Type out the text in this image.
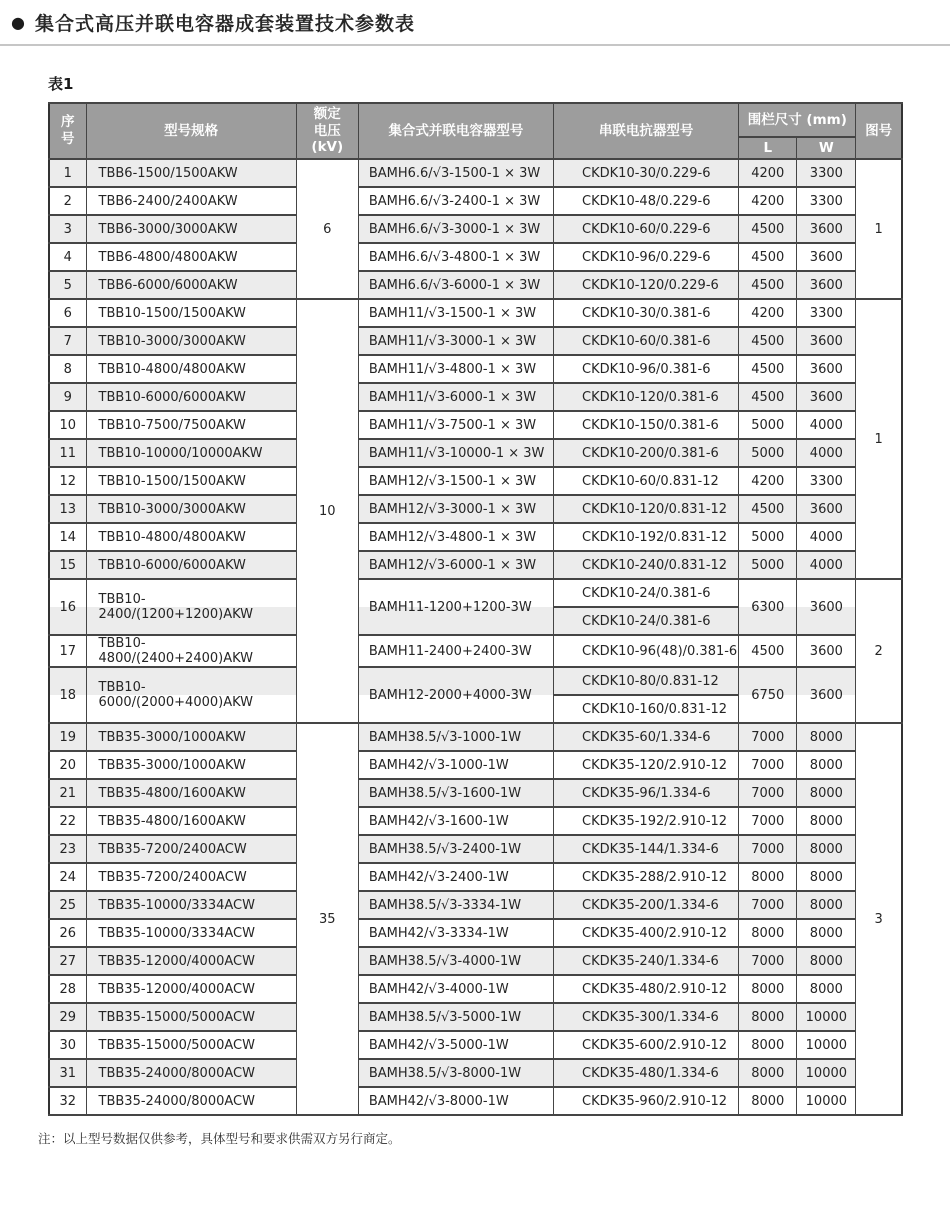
● 集合式高压并联电容器成套装置技术参数表
表1
序号	型号规格	额定电压(kV)	集合式并联电容器型号	串联电抗器型号	围栏尺寸 (mm)		图号
					L	W	
1	TBB6-1500/1500AKW	6	BAMH6.6/√3-1500-1 × 3W	CKDK10-30/0.229-6	4200	3300	1
2	TBB6-2400/2400AKW		BAMH6.6/√3-2400-1 × 3W	CKDK10-48/0.229-6	4200	3300	
3	TBB6-3000/3000AKW		BAMH6.6/√3-3000-1 × 3W	CKDK10-60/0.229-6	4500	3600	
4	TBB6-4800/4800AKW		BAMH6.6/√3-4800-1 × 3W	CKDK10-96/0.229-6	4500	3600	
5	TBB6-6000/6000AKW		BAMH6.6/√3-6000-1 × 3W	CKDK10-120/0.229-6	4500	3600	
6	TBB10-1500/1500AKW	10	BAMH11/√3-1500-1 × 3W	CKDK10-30/0.381-6	4200	3300	1
7	TBB10-3000/3000AKW		BAMH11/√3-3000-1 × 3W	CKDK10-60/0.381-6	4500	3600	
8	TBB10-4800/4800AKW		BAMH11/√3-4800-1 × 3W	CKDK10-96/0.381-6	4500	3600	
9	TBB10-6000/6000AKW		BAMH11/√3-6000-1 × 3W	CKDK10-120/0.381-6	4500	3600	
10	TBB10-7500/7500AKW		BAMH11/√3-7500-1 × 3W	CKDK10-150/0.381-6	5000	4000	
11	TBB10-10000/10000AKW		BAMH11/√3-10000-1 × 3W	CKDK10-200/0.381-6	5000	4000	
12	TBB10-1500/1500AKW		BAMH12/√3-1500-1 × 3W	CKDK10-60/0.831-12	4200	3300	
13	TBB10-3000/3000AKW		BAMH12/√3-3000-1 × 3W	CKDK10-120/0.831-12	4500	3600	
14	TBB10-4800/4800AKW		BAMH12/√3-4800-1 × 3W	CKDK10-192/0.831-12	5000	4000	
15	TBB10-6000/6000AKW		BAMH12/√3-6000-1 × 3W	CKDK10-240/0.831-12	5000	4000	
16	TBB10-2400/(1200+1200)AKW		BAMH11-1200+1200-3W	CKDK10-24/0.381-6	6300	3600	2
				CKDK10-24/0.381-6			
17	TBB10-4800/(2400+2400)AKW		BAMH11-2400+2400-3W	CKDK10-96(48)/0.381-6	4500	3600	
18	TBB10-6000/(2000+4000)AKW		BAMH12-2000+4000-3W	CKDK10-80/0.831-12	6750	3600	
				CKDK10-160/0.831-12			
19	TBB35-3000/1000AKW	35	BAMH38.5/√3-1000-1W	CKDK35-60/1.334-6	7000	8000	3
20	TBB35-3000/1000AKW		BAMH42/√3-1000-1W	CKDK35-120/2.910-12	7000	8000	
21	TBB35-4800/1600AKW		BAMH38.5/√3-1600-1W	CKDK35-96/1.334-6	7000	8000	
22	TBB35-4800/1600AKW		BAMH42/√3-1600-1W	CKDK35-192/2.910-12	7000	8000	
23	TBB35-7200/2400ACW		BAMH38.5/√3-2400-1W	CKDK35-144/1.334-6	7000	8000	
24	TBB35-7200/2400ACW		BAMH42/√3-2400-1W	CKDK35-288/2.910-12	8000	8000	
25	TBB35-10000/3334ACW		BAMH38.5/√3-3334-1W	CKDK35-200/1.334-6	7000	8000	
26	TBB35-10000/3334ACW		BAMH42/√3-3334-1W	CKDK35-400/2.910-12	8000	8000	
27	TBB35-12000/4000ACW		BAMH38.5/√3-4000-1W	CKDK35-240/1.334-6	7000	8000	
28	TBB35-12000/4000ACW		BAMH42/√3-4000-1W	CKDK35-480/2.910-12	8000	8000	
29	TBB35-15000/5000ACW		BAMH38.5/√3-5000-1W	CKDK35-300/1.334-6	8000	10000	
30	TBB35-15000/5000ACW		BAMH42/√3-5000-1W	CKDK35-600/2.910-12	8000	10000	
31	TBB35-24000/8000ACW		BAMH38.5/√3-8000-1W	CKDK35-480/1.334-6	8000	10000	
32	TBB35-24000/8000ACW		BAMH42/√3-8000-1W	CKDK35-960/2.910-12	8000	10000	
注：以上型号数据仅供参考，具体型号和要求供需双方另行商定。
